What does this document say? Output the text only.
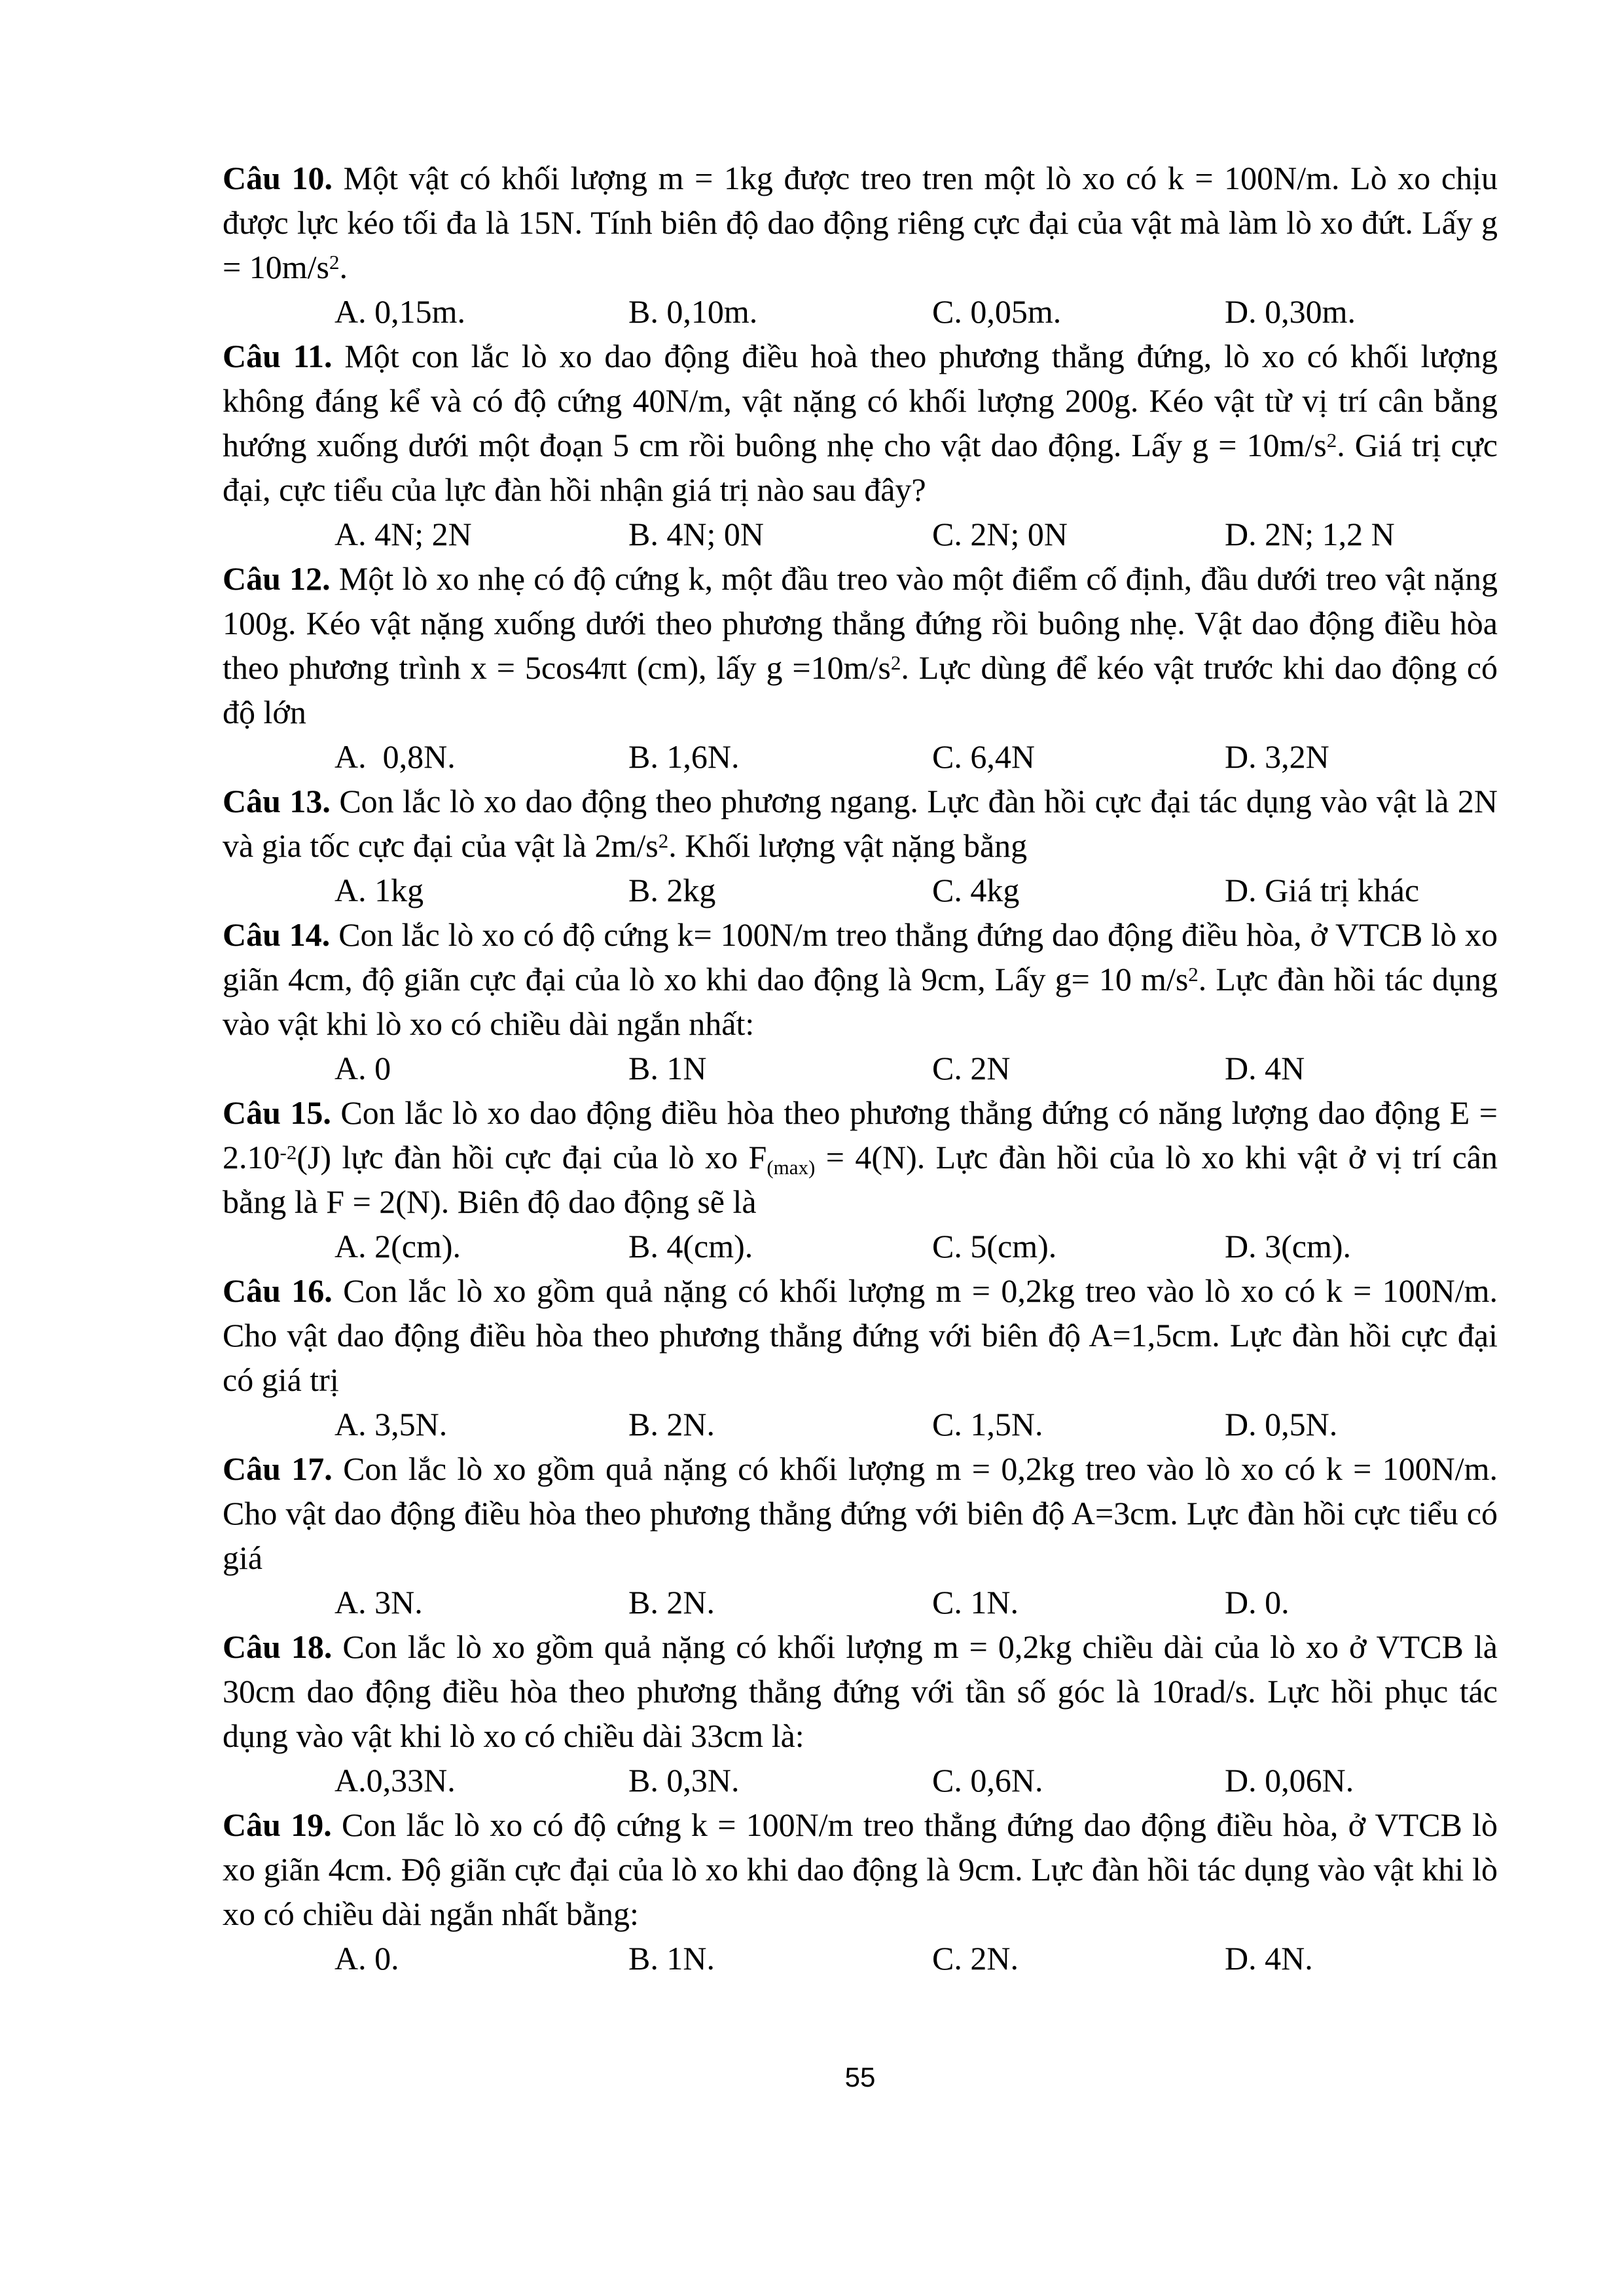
Câu 10. Một vật có khối lượng m = 1kg được treo tren một lò xo có k = 100N/m. Lò xo chịu được lực kéo tối đa là 15N. Tính biên độ dao động riêng cực đại của vật mà làm lò xo đứt. Lấy $g = 10m/s^2$.

A. 0,15m.	B. 0,10m.	C. 0,05m.	D. 0,30m.

Câu 11. Một con lắc lò xo dao động điều hoà theo phương thẳng đứng, lò xo có khối lượng không đáng kể và có độ cứng 40N/m, vật nặng có khối lượng 200g. Kéo vật từ vị trí cân bằng hướng xuống dưới một đoạn 5 cm rồi buông nhẹ cho vật dao động. Lấy $g = 10m/s^2$. Giá trị cực đại, cực tiểu của lực đàn hồi nhận giá trị nào sau đây?

A. 4N; 2N	B. 4N; 0N	C. 2N; 0N	D. 2N; 1,2 N

Câu 12. Một lò xo nhẹ có độ cứng k, một đầu treo vào một điểm cố định, đầu dưới treo vật nặng 100g. Kéo vật nặng xuống dưới theo phương thẳng đứng rồi buông nhẹ. Vật dao động điều hòa theo phương trình x = 5cos4πt (cm), lấy $g =10m/s^2$. Lực dùng để kéo vật trước khi dao động có độ lớn

A.  0,8N.	B. 1,6N.	C. 6,4N	D. 3,2N

Câu 13. Con lắc lò xo dao động theo phương ngang. Lực đàn hồi cực đại tác dụng vào vật là 2N và gia tốc cực đại của vật là $2m/s^2$. Khối lượng vật nặng bằng

A. 1kg	B. 2kg	C. 4kg	D. Giá trị khác

Câu 14. Con lắc lò xo có độ cứng k= 100N/m treo thẳng đứng dao động điều hòa, ở VTCB lò xo giãn 4cm, độ giãn cực đại của lò xo khi dao động là 9cm, Lấy g= 10 $m/s^2$. Lực đàn hồi tác dụng vào vật khi lò xo có chiều dài ngắn nhất:

A. 0	B. 1N	C. 2N	D. 4N

Câu 15. Con lắc lò xo dao động điều hòa theo phương thẳng đứng có năng lượng dao động $E = 2.10^{-2}(J)$ lực đàn hồi cực đại của lò xo $F_{(max)} = 4(N)$. Lực đàn hồi của lò xo khi vật ở vị trí cân bằng là F = 2(N). Biên độ dao động sẽ là

A. 2(cm).	B. 4(cm).	C. 5(cm).	D. 3(cm).

Câu 16. Con lắc lò xo gồm quả nặng có khối lượng m = 0,2kg treo vào lò xo có k = 100N/m. Cho vật dao động điều hòa theo phương thẳng đứng với biên độ A=1,5cm. Lực đàn hồi cực đại có giá trị

A. 3,5N.	B. 2N.	C. 1,5N.	D. 0,5N.

Câu 17. Con lắc lò xo gồm quả nặng có khối lượng m = 0,2kg treo vào lò xo có k = 100N/m. Cho vật dao động điều hòa theo phương thẳng đứng với biên độ A=3cm. Lực đàn hồi cực tiểu có giá

A. 3N.	B. 2N.	C. 1N.	D. 0.

Câu 18. Con lắc lò xo gồm quả nặng có khối lượng m = 0,2kg chiều dài của lò xo ở VTCB là 30cm dao động điều hòa theo phương thẳng đứng với tần số góc là 10rad/s. Lực hồi phục tác dụng vào vật khi lò xo có chiều dài 33cm là:

A.0,33N.	B. 0,3N.	C. 0,6N.	D. 0,06N.

Câu 19. Con lắc lò xo có độ cứng k = 100N/m treo thẳng đứng dao động điều hòa, ở VTCB lò xo giãn 4cm. Độ giãn cực đại của lò xo khi dao động là 9cm. Lực đàn hồi tác dụng vào vật khi lò xo có chiều dài ngắn nhất bằng:

A. 0.	B. 1N.	C. 2N.	D. 4N.
55
